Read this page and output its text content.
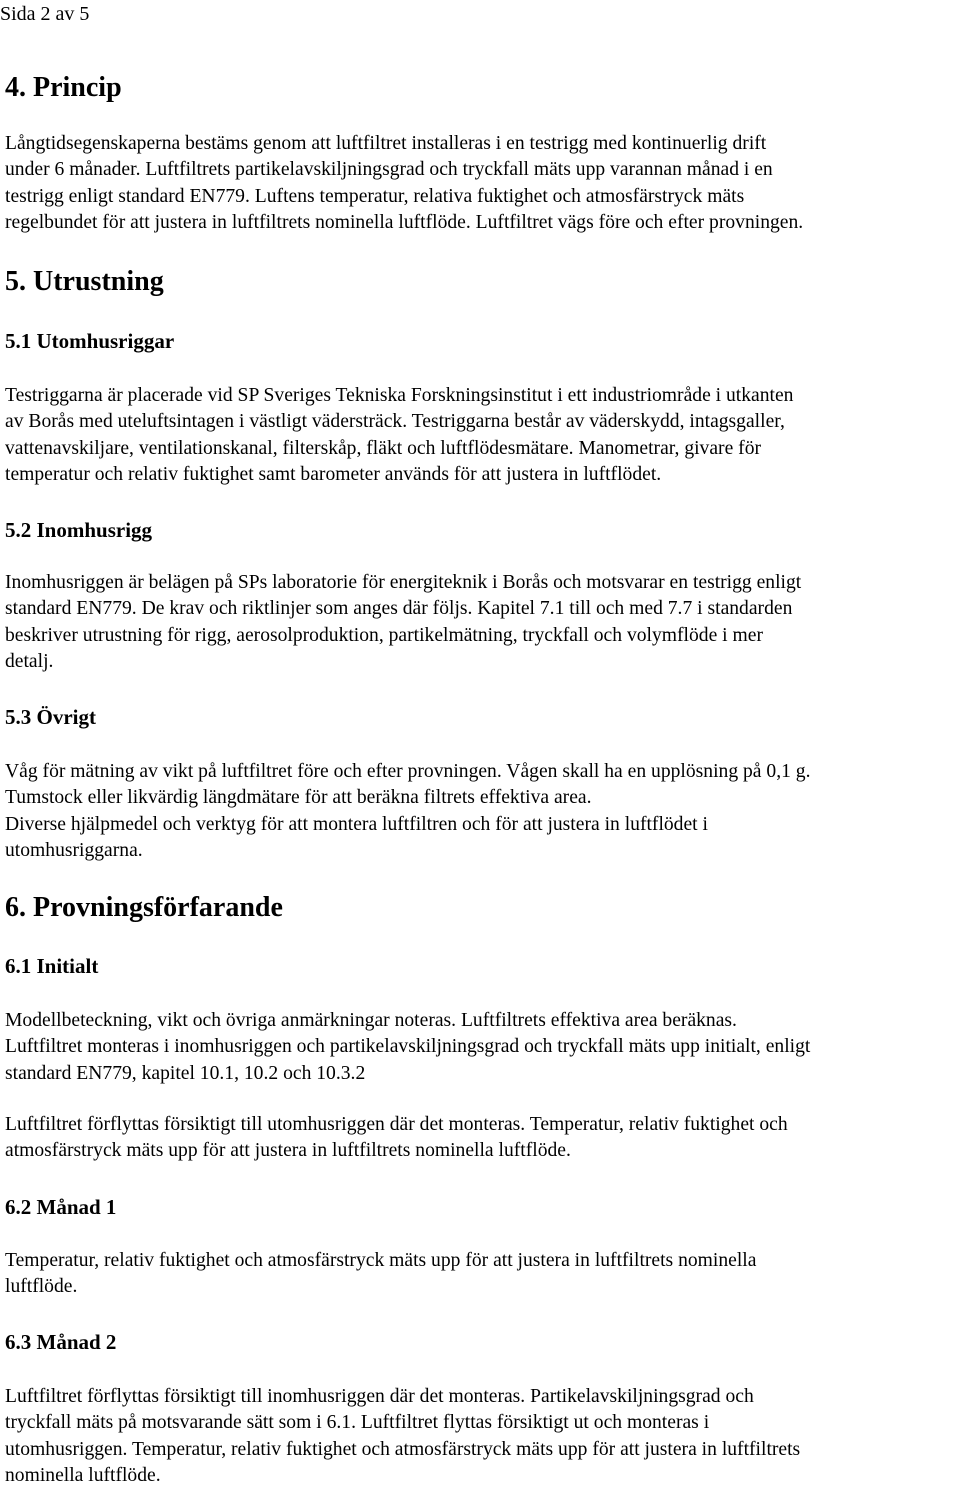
Sida 2 av 5

4. Princip

Långtidsegenskaperna bestäms genom att luftfiltret installeras i en testrigg med kontinuerlig drift
under 6 månader. Luftfiltrets partikelavskiljningsgrad och tryckfall mäts upp varannan månad i en
testrigg enligt standard EN779. Luftens temperatur, relativa fuktighet och atmosfärstryck mäts
regelbundet för att justera in luftfiltrets nominella luftflöde. Luftfiltret vägs före och efter provningen.

5. Utrustning
5.1 Utomhusriggar

Testriggarna är placerade vid SP Sveriges Tekniska Forskningsinstitut i ett industriområde i utkanten
av Borås med uteluftsintagen i västligt vädersträck. Testriggarna består av väderskydd, intagsgaller,
vattenavskiljare, ventilationskanal, filterskåp, fläkt och luftflödesmätare. Manometrar, givare för
temperatur och relativ fuktighet samt barometer används för att justera in luftflödet.

5.2 Inomhusrigg

Inomhusriggen är belägen på SPs laboratorie för energiteknik i Borås och motsvarar en testrigg enligt
standard EN779. De krav och riktlinjer som anges där följs. Kapitel 7.1 till och med 7.7 i standarden
beskriver utrustning för rigg, aerosolproduktion, partikelmätning, tryckfall och volymflöde i mer
detalj.

5.3 Övrigt

Våg för mätning av vikt på luftfiltret före och efter provningen. Vågen skall ha en upplösning på 0,1 g.
Tumstock eller likvärdig längdmätare för att beräkna filtrets effektiva area.
Diverse hjälpmedel och verktyg för att montera luftfiltren och för att justera in luftflödet i
utomhusriggarna.

6. Provningsförfarande
6.1 Initialt

Modellbeteckning, vikt och övriga anmärkningar noteras. Luftfiltrets effektiva area beräknas.
Luftfiltret monteras i inomhusriggen och partikelavskiljningsgrad och tryckfall mäts upp initialt, enligt
standard EN779, kapitel 10.1, 10.2 och 10.3.2

Luftfiltret förflyttas försiktigt till utomhusriggen där det monteras. Temperatur, relativ fuktighet och
atmosfärstryck mäts upp för att justera in luftfiltrets nominella luftflöde.

6.2 Månad 1

Temperatur, relativ fuktighet och atmosfärstryck mäts upp för att justera in luftfiltrets nominella
luftflöde.

6.3 Månad 2

Luftfiltret förflyttas försiktigt till inomhusriggen där det monteras. Partikelavskiljningsgrad och
tryckfall mäts på motsvarande sätt som i 6.1. Luftfiltret flyttas försiktigt ut och monteras i
utomhusriggen. Temperatur, relativ fuktighet och atmosfärstryck mäts upp för att justera in luftfiltrets
nominella luftflöde.
